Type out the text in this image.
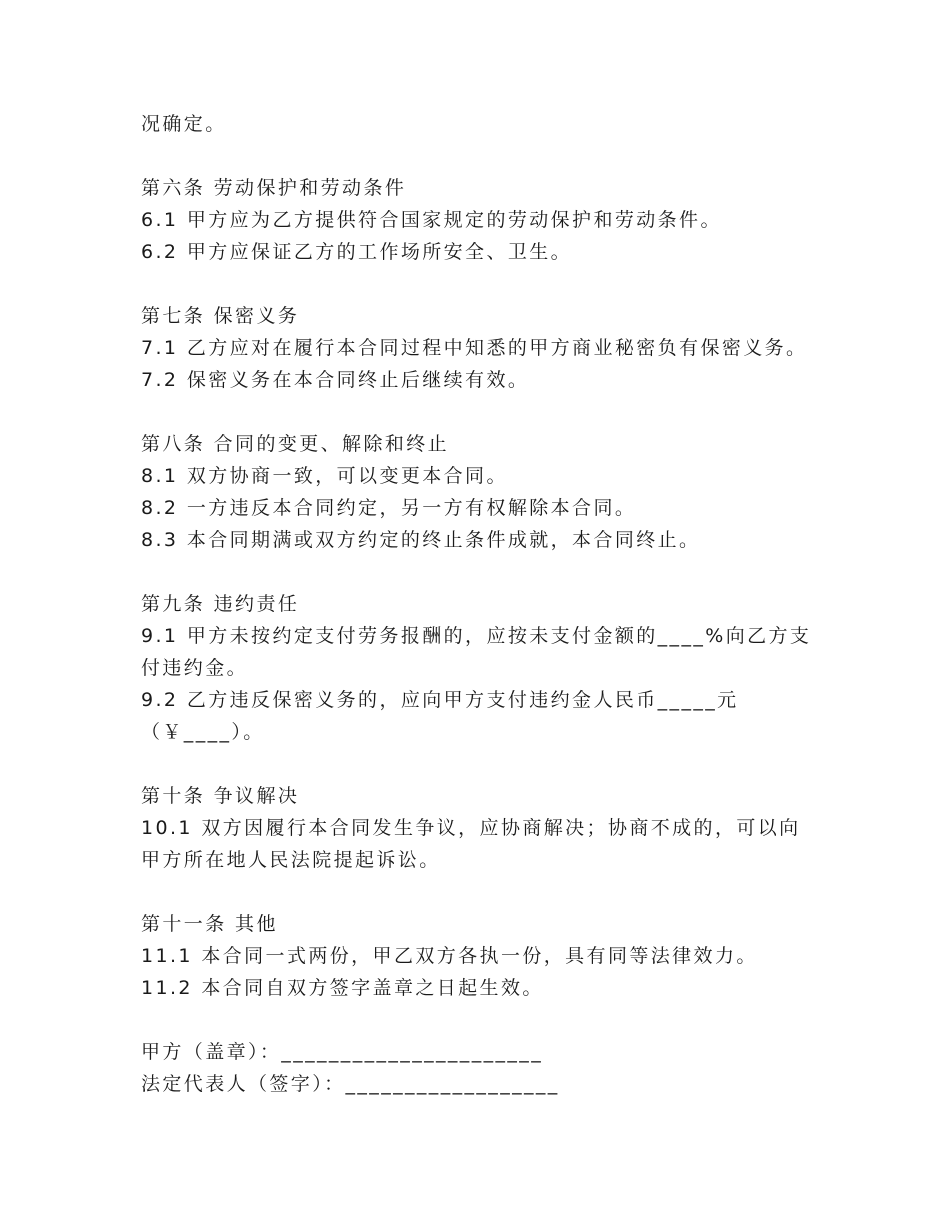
况确定。

第六条 劳动保护和劳动条件

6.1 甲方应为乙方提供符合国家规定的劳动保护和劳动条件。

6.2 甲方应保证乙方的工作场所安全、卫生。

第七条 保密义务

7.1 乙方应对在履行本合同过程中知悉的甲方商业秘密负有保密义务。

7.2 保密义务在本合同终止后继续有效。

第八条 合同的变更、解除和终止

8.1 双方协商一致，可以变更本合同。

8.2 一方违反本合同约定，另一方有权解除本合同。

8.3 本合同期满或双方约定的终止条件成就，本合同终止。

第九条 违约责任

9.1 甲方未按约定支付劳务报酬的，应按未支付金额的____%向乙方支

付违约金。

9.2 乙方违反保密义务的，应向甲方支付违约金人民币_____元

（￥____）。

第十条 争议解决

10.1 双方因履行本合同发生争议，应协商解决；协商不成的，可以向

甲方所在地人民法院提起诉讼。

第十一条 其他

11.1 本合同一式两份，甲乙双方各执一份，具有同等法律效力。

11.2 本合同自双方签字盖章之日起生效。

甲方（盖章）：______________________

法定代表人（签字）：__________________
